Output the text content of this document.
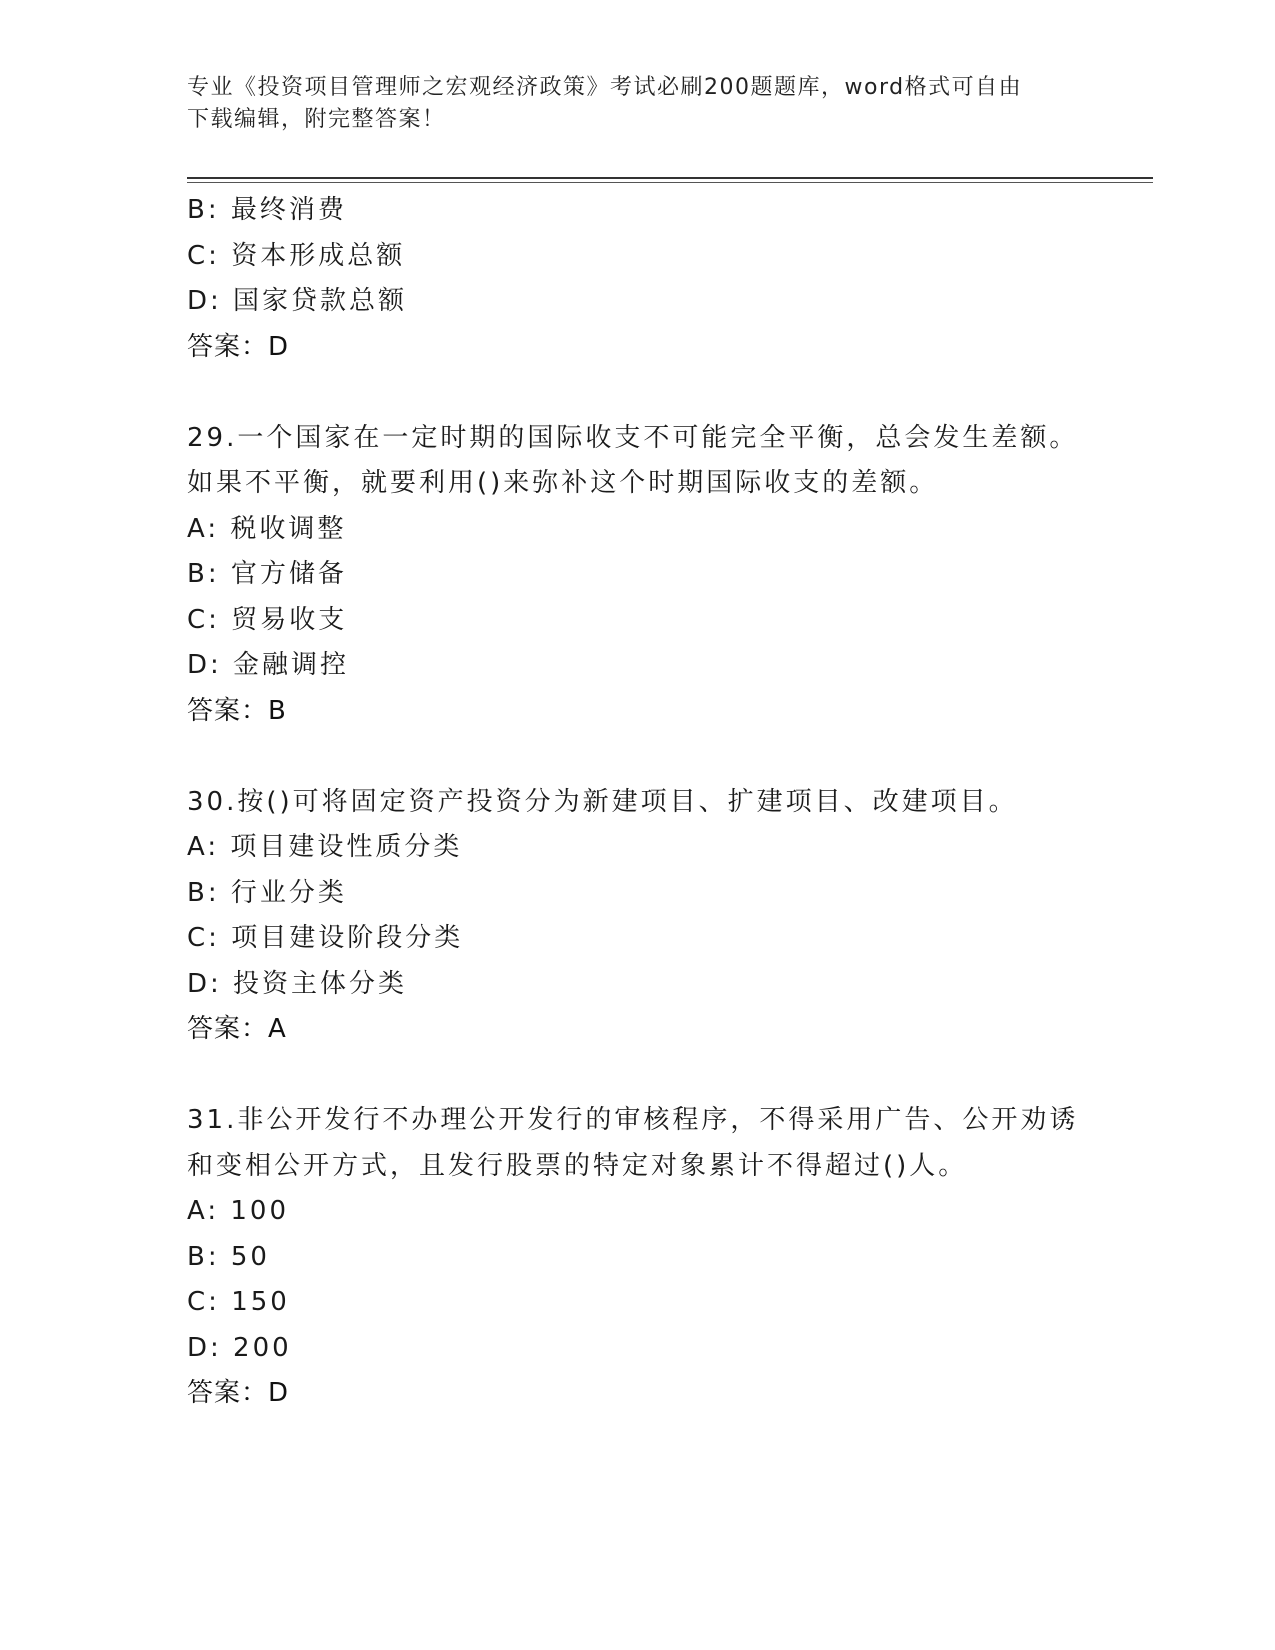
专业《投资项目管理师之宏观经济政策》考试必刷200题题库，word格式可自由
下载编辑，附完整答案！
B: 最终消费
C: 资本形成总额
D: 国家贷款总额
答案：D
29.一个国家在一定时期的国际收支不可能完全平衡，总会发生差额。
如果不平衡，就要利用()来弥补这个时期国际收支的差额。
A: 税收调整
B: 官方储备
C: 贸易收支
D: 金融调控
答案：B
30.按()可将固定资产投资分为新建项目、扩建项目、改建项目。
A: 项目建设性质分类
B: 行业分类
C: 项目建设阶段分类
D: 投资主体分类
答案：A
31.非公开发行不办理公开发行的审核程序，不得采用广告、公开劝诱
和变相公开方式，且发行股票的特定对象累计不得超过()人。
A: 100
B: 50
C: 150
D: 200
答案：D
